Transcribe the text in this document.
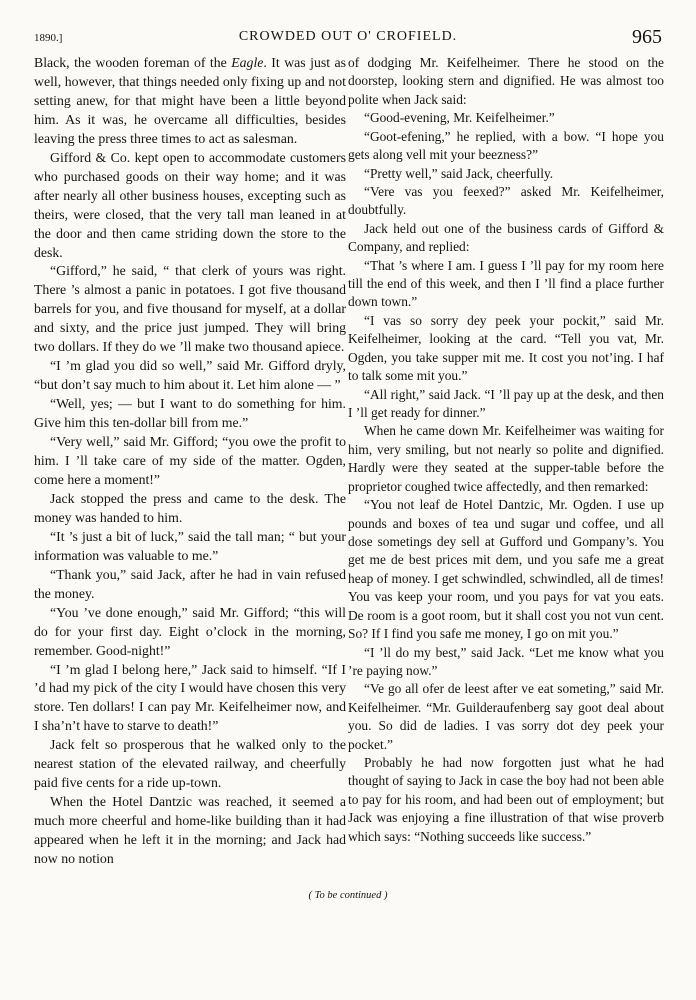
1890.]	CROWDED OUT O' CROFIELD.	965

Black, the wooden foreman of the Eagle. It was just as well, however, that things needed only fixing up and not setting anew, for that might have been a little beyond him. As it was, he overcame all difficulties, besides leaving the press three times to act as salesman.

Gifford & Co. kept open to accommodate customers who purchased goods on their way home; and it was after nearly all other business houses, excepting such as theirs, were closed, that the very tall man leaned in at the door and then came striding down the store to the desk.

“Gifford,” he said, “ that clerk of yours was right. There ’s almost a panic in potatoes. I got five thousand barrels for you, and five thousand for myself, at a dollar and sixty, and the price just jumped. They will bring two dollars. If they do we ’ll make two thousand apiece.

“I ’m glad you did so well,” said Mr. Gifford dryly, “but don’t say much to him about it. Let him alone — ”

“Well, yes; — but I want to do something for him. Give him this ten-dollar bill from me.”

“Very well,” said Mr. Gifford; “you owe the profit to him. I ’ll take care of my side of the matter. Ogden, come here a moment!”

Jack stopped the press and came to the desk. The money was handed to him.

“It ’s just a bit of luck,” said the tall man; “ but your information was valuable to me.”

“Thank you,” said Jack, after he had in vain refused the money.

“You ’ve done enough,” said Mr. Gifford; “this will do for your first day. Eight o’clock in the morning, remember. Good-night!”

“I ’m glad I belong here,” Jack said to himself. “If I ’d had my pick of the city I would have chosen this very store. Ten dollars! I can pay Mr. Keifelheimer now, and I sha’n’t have to starve to death!”

Jack felt so prosperous that he walked only to the nearest station of the elevated railway, and cheerfully paid five cents for a ride up-town.

When the Hotel Dantzic was reached, it seemed a much more cheerful and home-like building than it had appeared when he left it in the morning; and Jack had now no notion

of dodging Mr. Keifelheimer. There he stood on the doorstep, looking stern and dignified. He was almost too polite when Jack said:

“Good-evening, Mr. Keifelheimer.”

“Goot-efening,” he replied, with a bow. “I hope you gets along vell mit your beezness?”

“Pretty well,” said Jack, cheerfully.

“Vere vas you feexed?” asked Mr. Keifelheimer, doubtfully.

Jack held out one of the business cards of Gifford & Company, and replied:

“That ’s where I am. I guess I ’ll pay for my room here till the end of this week, and then I ’ll find a place further down town.”

“I vas so sorry dey peek your pockit,” said Mr. Keifelheimer, looking at the card. “Tell you vat, Mr. Ogden, you take supper mit me. It cost you not’ing. I haf to talk some mit you.”

“All right,” said Jack. “I ’ll pay up at the desk, and then I ’ll get ready for dinner.”

When he came down Mr. Keifelheimer was waiting for him, very smiling, but not nearly so polite and dignified. Hardly were they seated at the supper-table before the proprietor coughed twice affectedly, and then remarked:

“You not leaf de Hotel Dantzic, Mr. Ogden. I use up pounds and boxes of tea und sugar und coffee, und all dose sometings dey sell at Gufford und Gompany’s. You get me de best prices mit dem, und you safe me a great heap of money. I get schwindled, schwindled, all de times! You vas keep your room, und you pays for vat you eats. De room is a goot room, but it shall cost you not vun cent. So? If I find you safe me money, I go on mit you.”

“I ’ll do my best,” said Jack. “Let me know what you ’re paying now.”

“Ve go all ofer de leest after ve eat someting,” said Mr. Keifelheimer. “Mr. Guilderaufenberg say goot deal about you. So did de ladies. I vas sorry dot dey peek your pocket.”

Probably he had now forgotten just what he had thought of saying to Jack in case the boy had not been able to pay for his room, and had been out of employment; but Jack was enjoying a fine illustration of that wise proverb which says: “Nothing succeeds like success.”

( To be continued )
